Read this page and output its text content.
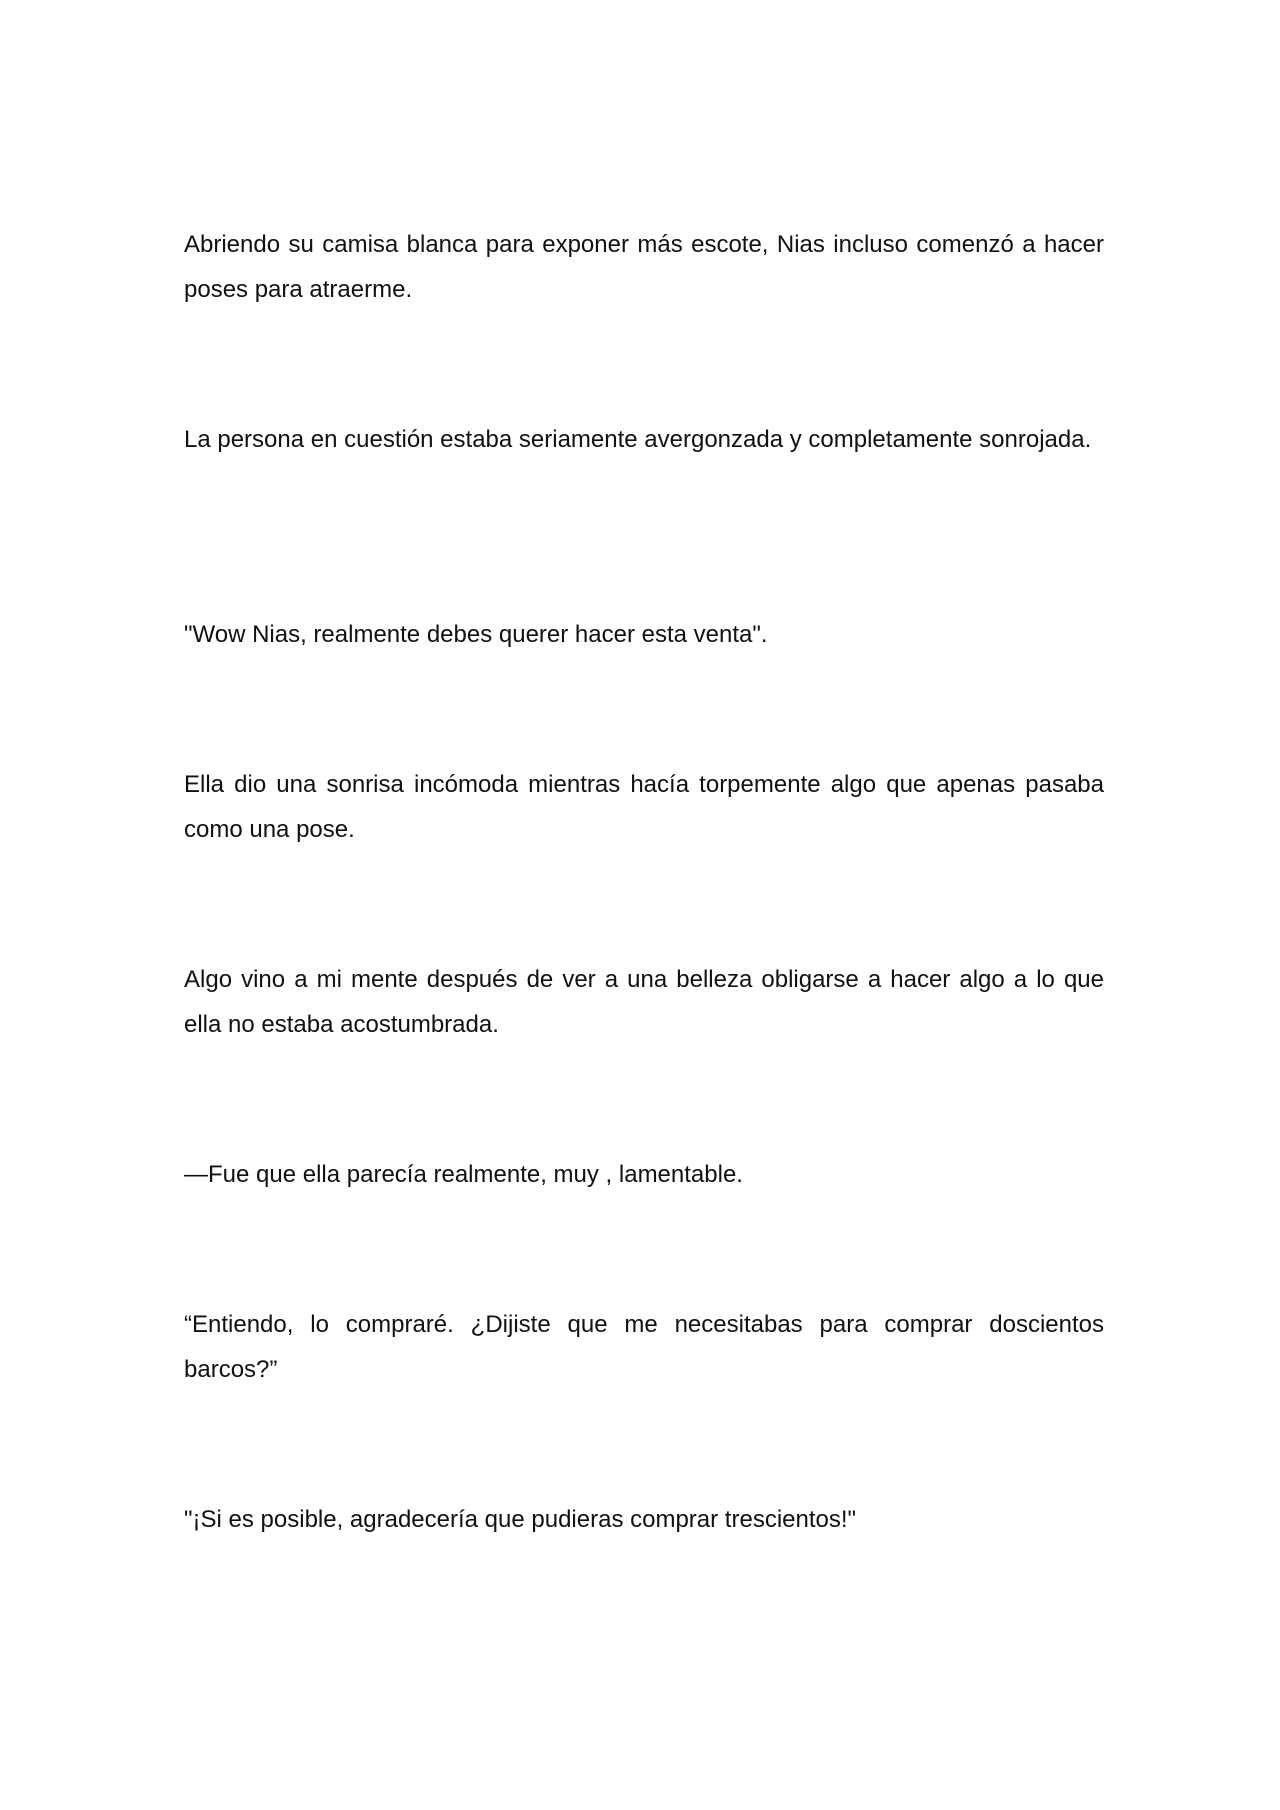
Abriendo su camisa blanca para exponer más escote, Nias incluso comenzó a hacer poses para atraerme.

La persona en cuestión estaba seriamente avergonzada y completamente sonrojada.

"Wow Nias, realmente debes querer hacer esta venta".

Ella dio una sonrisa incómoda mientras hacía torpemente algo que apenas pasaba como una pose.

Algo vino a mi mente después de ver a una belleza obligarse a hacer algo a lo que ella no estaba acostumbrada.

—Fue que ella parecía realmente, muy , lamentable.

“Entiendo, lo compraré. ¿Dijiste que me necesitabas para comprar doscientos barcos?”

"¡Si es posible, agradecería que pudieras comprar trescientos!"
